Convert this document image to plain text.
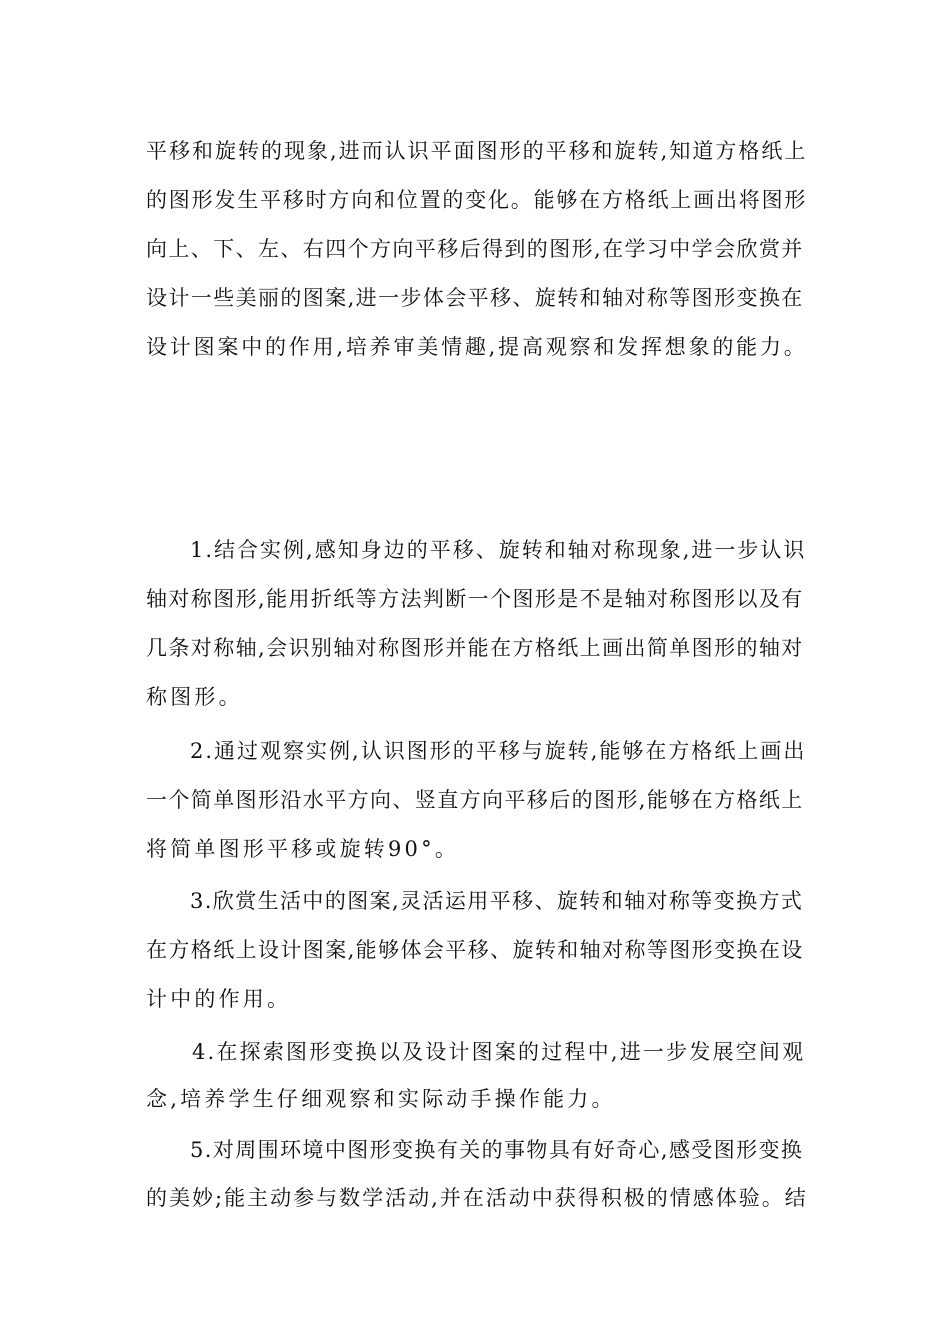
平移和旋转的现象,进而认识平面图形的平移和旋转,知道方格纸上
的图形发生平移时方向和位置的变化。能够在方格纸上画出将图形
向上、下、左、右四个方向平移后得到的图形,在学习中学会欣赏并
设计一些美丽的图案,进一步体会平移、旋转和轴对称等图形变换在
设计图案中的作用,培养审美情趣,提高观察和发挥想象的能力。
1.结合实例,感知身边的平移、旋转和轴对称现象,进一步认识
轴对称图形,能用折纸等方法判断一个图形是不是轴对称图形以及有
几条对称轴,会识别轴对称图形并能在方格纸上画出简单图形的轴对
称图形。
2.通过观察实例,认识图形的平移与旋转,能够在方格纸上画出
一个简单图形沿水平方向、竖直方向平移后的图形,能够在方格纸上
将简单图形平移或旋转90°。
3.欣赏生活中的图案,灵活运用平移、旋转和轴对称等变换方式
在方格纸上设计图案,能够体会平移、旋转和轴对称等图形变换在设
计中的作用。
4.在探索图形变换以及设计图案的过程中,进一步发展空间观
念,培养学生仔细观察和实际动手操作能力。
5.对周围环境中图形变换有关的事物具有好奇心,感受图形变换
的美妙;能主动参与数学活动,并在活动中获得积极的情感体验。结
